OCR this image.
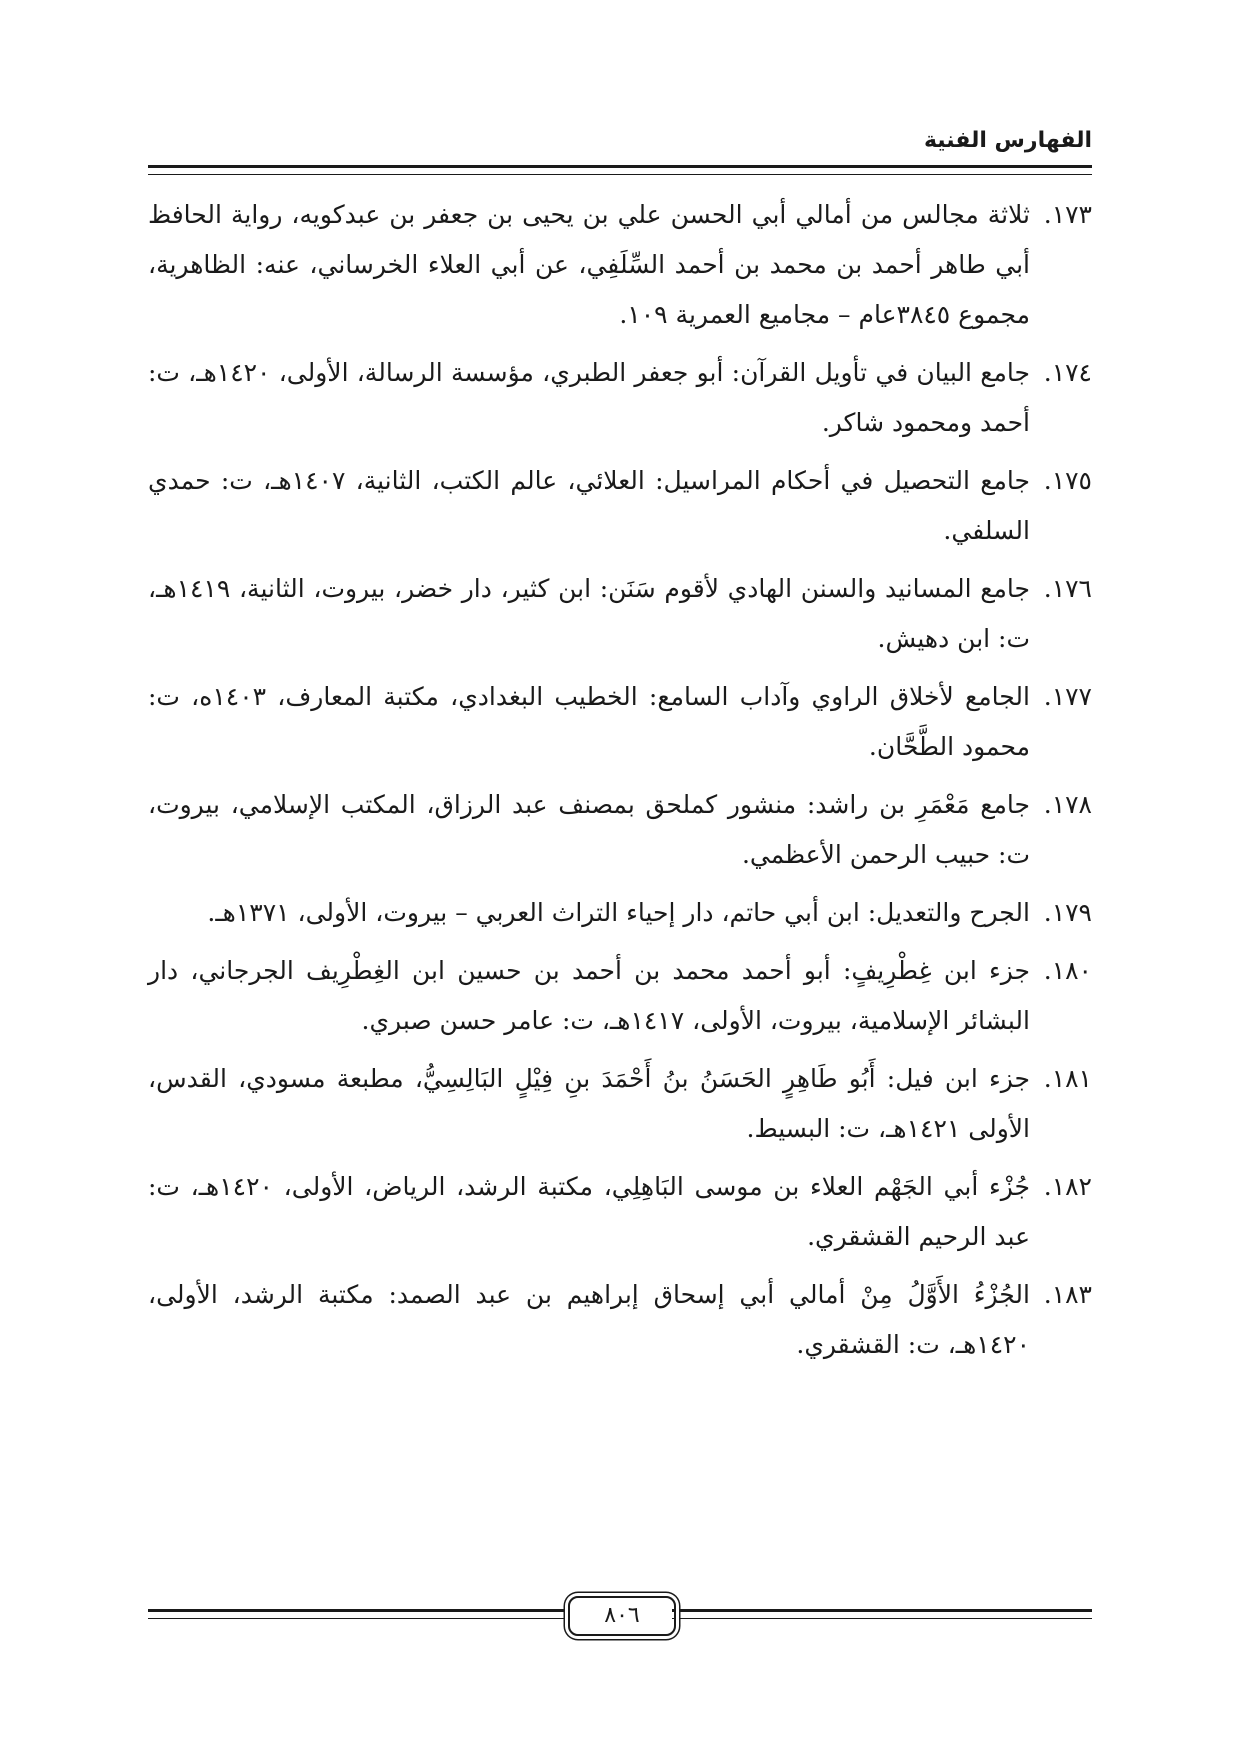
الفهارس الفنية
١٧٣.
ثلاثة مجالس من أمالي أبي الحسن علي بن يحيى بن جعفر بن عبدكويه، رواية الحافظ أبي طاهر أحمد بن محمد بن أحمد السِّلَفِي، عن أبي العلاء الخرساني، عنه: الظاهرية، مجموع ٣٨٤٥عام – مجاميع العمرية ١٠٩.
١٧٤.
جامع البيان في تأويل القرآن: أبو جعفر الطبري، مؤسسة الرسالة، الأولى، ١٤٢٠هـ، ت: أحمد ومحمود شاكر.
١٧٥.
جامع التحصيل في أحكام المراسيل: العلائي، عالم الكتب، الثانية، ١٤٠٧هـ، ت: حمدي السلفي.
١٧٦.
جامع المسانيد والسنن الهادي لأقوم سَنَن: ابن كثير، دار خضر، بيروت، الثانية، ١٤١٩هـ، ت: ابن دهيش.
١٧٧.
الجامع لأخلاق الراوي وآداب السامع: الخطيب البغدادي، مكتبة المعارف، ١٤٠٣ه، ت: محمود الطَّحَّان.
١٧٨.
جامع مَعْمَرِ بن راشد: منشور كملحق بمصنف عبد الرزاق، المكتب الإسلامي، بيروت، ت: حبيب الرحمن الأعظمي.
١٧٩.
الجرح والتعديل: ابن أبي حاتم، دار إحياء التراث العربي – بيروت، الأولى، ١٣٧١هـ.
١٨٠.
جزء ابن غِطْرِيفٍ: أبو أحمد محمد بن أحمد بن حسين ابن الغِطْرِيف الجرجاني، دار البشائر الإسلامية، بيروت، الأولى، ١٤١٧هـ، ت: عامر حسن صبري.
١٨١.
جزء ابن فيل: أَبُو طَاهِرٍ الحَسَنُ بنُ أَحْمَدَ بنِ فِيْلٍ البَالِسِيُّ، مطبعة مسودي، القدس، الأولى ١٤٢١هـ، ت: البسيط.
١٨٢.
جُزْء أبي الجَهْم العلاء بن موسى البَاهِلِي، مكتبة الرشد، الرياض، الأولى، ١٤٢٠هـ، ت: عبد الرحيم القشقري.
١٨٣.
الجُزْءُ الأَوَّلُ مِنْ أمالي أبي إسحاق إبراهيم بن عبد الصمد: مكتبة الرشد، الأولى، ١٤٢٠هـ، ت: القشقري.
٨٠٦
